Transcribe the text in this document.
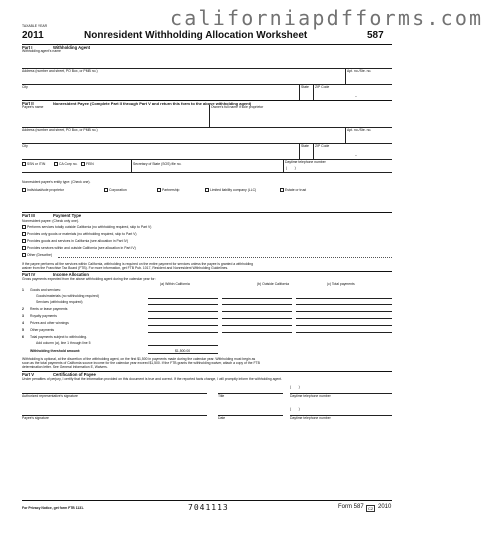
californiapdfforms.com
TAXABLE YEAR
2011	Nonresident Withholding Allocation Worksheet	587
Part I	Withholding Agent
Withholding agent's name
Address (number and street, PO Box, or PMB no.)	Apt. no./Ste. no.
City	State ZIP Code
–
Part II	Nonresident Payee (Complete Part II through Part V and return this form to the above withholding agent)
Payee's name	Owner's full name if sole proprietor
Address (number and street, PO Box, or PMB no.)	Apt. no./Ste. no.
City	State ZIP Code
–
SSN or ITIN	CA Corp no.	FEIN	Secretary of State (SOS) file no.	Daytime telephone number
(        )
Nonresident payee's entity type: (Check one).
Individual/sole proprietor	Corporation	Partnership	Limited liability company (LLC)	Estate or trust
Part III	Payment Type
Nonresident payee: (Check only one).
Performs services totally outside California (no withholding required, skip to Part V)
Provides only goods or materials (no withholding required, skip to Part V)
Provides goods and services in California (see allocation in Part IV)
Provides services within and outside California (see allocation in Part IV)
Other (Describe)
If the payee performs all the services within California, withholding is required on the entire payment for services unless the payee is granted a withholding
waiver from the Franchise Tax Board (FTB). For more information, get FTB Pub. 1017, Resident and Nonresident Withholding Guidelines.
Part IV	Income Allocation
Gross payments expected from the above withholding agent during the calendar year for:
(a) Within California	(b) Outside California	(c) Total payments
1 Goods and services:
Goods/materials (no withholding required)
Services (withholding required)
2 Rents or lease payments
3 Royalty payments
4 Prizes and other winnings
5 Other payments
6 Total payments subject to withholding.
Add column (a), line 1 through line 5
Withholding threshold amount:	$1,500.00
Withholding is optional, at the discretion of the withholding agent, on the first $1,500 in payments made during the calendar year. Withholding must begin as
soon as the total payments of California source income for the calendar year exceed $1,500. If the FTB grants the withholding waiver, attach a copy of the FTB
determination letter. See General Information E, Waivers.
Part V	Certification of Payee
Under penalties of perjury, I certify that the information provided on this document is true and correct. If the reported facts change, I will promptly inform the withholding agent.
(        )
Authorized representative's signature	Title	Daytime telephone number
(        )
Payee's signature	Date	Daytime telephone number
For Privacy Notice, get form FTB 1131.	7041113	Form 587	C2 2010
